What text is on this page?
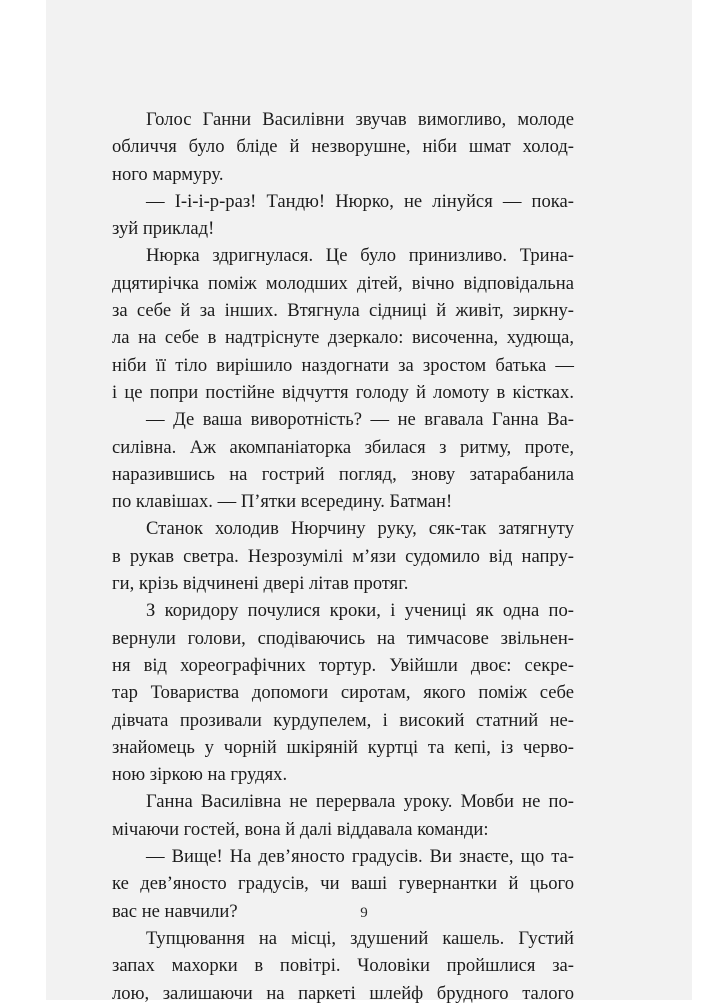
Голос Ганни Василівни звучав вимогливо, молоде
обличчя було бліде й незворушне, ніби шмат холод-
ного мармуру.

— І-і-і-р-раз! Тандю! Нюрко, не лінуйся — пока-
зуй приклад!

Нюрка здригнулася. Це було принизливо. Трина-
дцятирічка поміж молодших дітей, вічно відповідальна
за себе й за інших. Втягнула сідниці й живіт, зиркну-
ла на себе в надтріснуте дзеркало: височенна, худюща,
ніби її тіло вирішило наздогнати за зростом батька —
і це попри постійне відчуття голоду й ломоту в кістках.

— Де ваша виворотність? — не вгавала Ганна Ва-
силівна. Аж акомпаніаторка збилася з ритму, проте,
наразившись на гострий погляд, знову затарабанила
по клавішах. — П’ятки всередину. Батман!

Станок холодив Нюрчину руку, сяк-так затягнуту
в рукав светра. Незрозумілі м’язи судомило від напру-
ги, крізь відчинені двері літав протяг.

З коридору почулися кроки, і учениці як одна по-
вернули голови, сподіваючись на тимчасове звільнен-
ня від хореографічних тортур. Увійшли двоє: секре-
тар Товариства допомоги сиротам, якого поміж себе
дівчата прозивали курдупелем, і високий статний не-
знайомець у чорній шкіряній куртці та кепі, із черво-
ною зіркою на грудях.

Ганна Василівна не перервала уроку. Мовби не по-
мічаючи гостей, вона й далі віддавала команди:

— Вище! На дев’яносто градусів. Ви знаєте, що та-
ке дев’яносто градусів, чи ваші гувернантки й цього
вас не навчили?

Тупцювання на місці, здушений кашель. Густий
запах махорки в повітрі. Чоловіки пройшлися за-
лою, залишаючи на паркеті шлейф брудного талого

9
